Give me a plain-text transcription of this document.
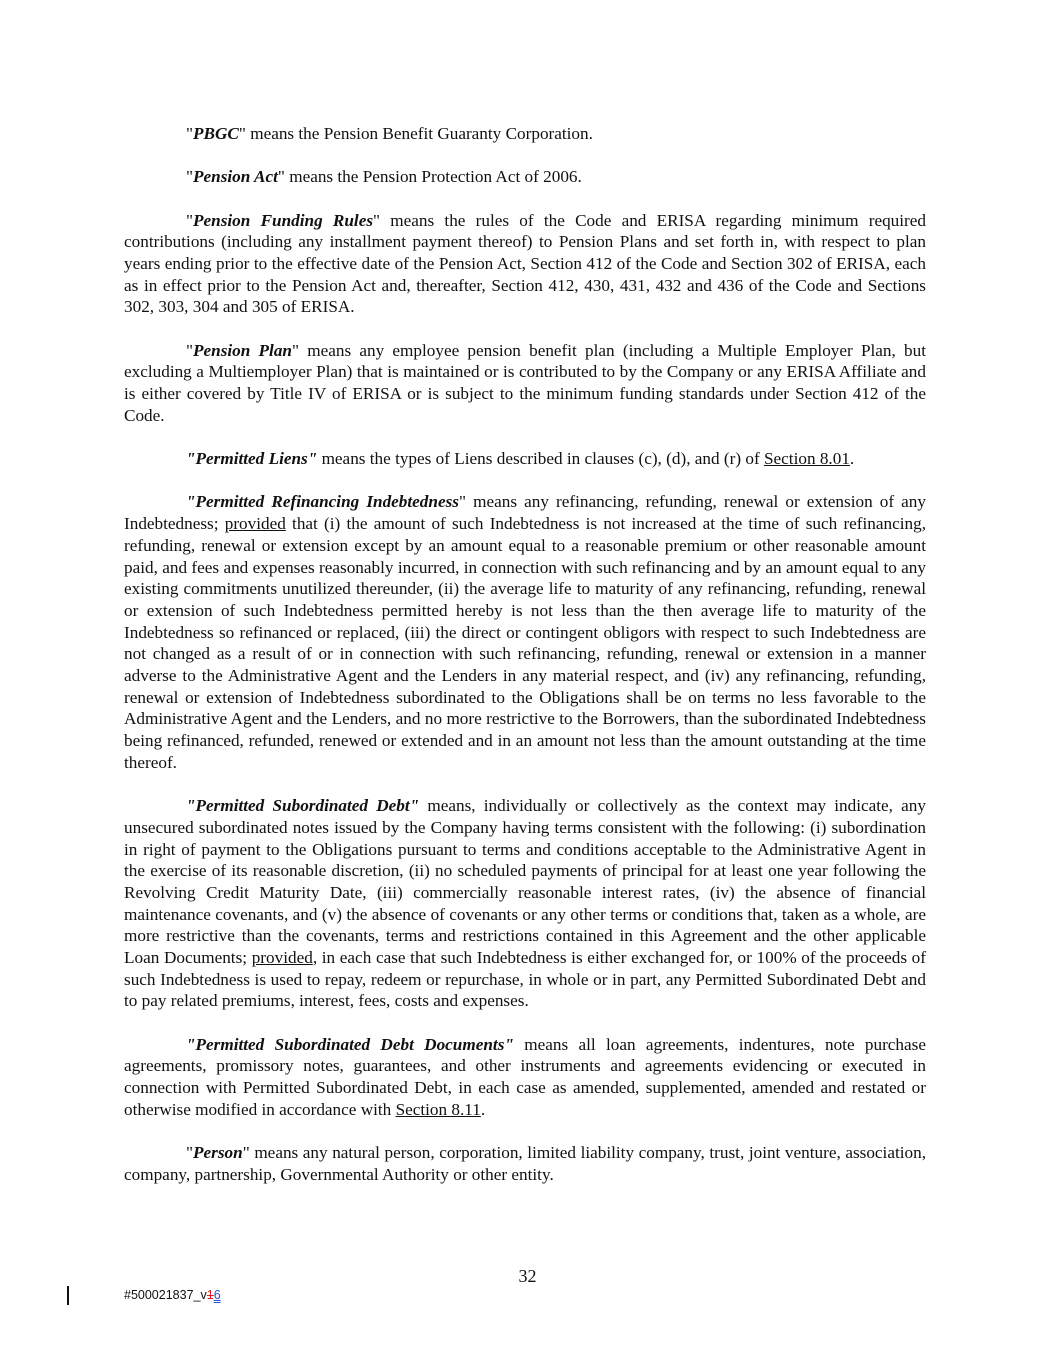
"PBGC" means the Pension Benefit Guaranty Corporation.

"Pension Act" means the Pension Protection Act of 2006.

"Pension Funding Rules" means the rules of the Code and ERISA regarding minimum required contributions (including any installment payment thereof) to Pension Plans and set forth in, with respect to plan years ending prior to the effective date of the Pension Act, Section 412 of the Code and Section 302 of ERISA, each as in effect prior to the Pension Act and, thereafter, Section 412, 430, 431, 432 and 436 of the Code and Sections 302, 303, 304 and 305 of ERISA.

"Pension Plan" means any employee pension benefit plan (including a Multiple Employer Plan, but excluding a Multiemployer Plan) that is maintained or is contributed to by the Company or any ERISA Affiliate and is either covered by Title IV of ERISA or is subject to the minimum funding standards under Section 412 of the Code.

"Permitted Liens" means the types of Liens described in clauses (c), (d), and (r) of Section 8.01.

"Permitted Refinancing Indebtedness" means any refinancing, refunding, renewal or extension of any Indebtedness; provided that (i) the amount of such Indebtedness is not increased at the time of such refinancing, refunding, renewal or extension except by an amount equal to a reasonable premium or other reasonable amount paid, and fees and expenses reasonably incurred, in connection with such refinancing and by an amount equal to any existing commitments unutilized thereunder, (ii) the average life to maturity of any refinancing, refunding, renewal or extension of such Indebtedness permitted hereby is not less than the then average life to maturity of the Indebtedness so refinanced or replaced, (iii) the direct or contingent obligors with respect to such Indebtedness are not changed as a result of or in connection with such refinancing, refunding, renewal or extension in a manner adverse to the Administrative Agent and the Lenders in any material respect, and (iv) any refinancing, refunding, renewal or extension of Indebtedness subordinated to the Obligations shall be on terms no less favorable to the Administrative Agent and the Lenders, and no more restrictive to the Borrowers, than the subordinated Indebtedness being refinanced, refunded, renewed or extended and in an amount not less than the amount outstanding at the time thereof.

"Permitted Subordinated Debt" means, individually or collectively as the context may indicate, any unsecured subordinated notes issued by the Company having terms consistent with the following: (i) subordination in right of payment to the Obligations pursuant to terms and conditions acceptable to the Administrative Agent in the exercise of its reasonable discretion, (ii) no scheduled payments of principal for at least one year following the Revolving Credit Maturity Date, (iii) commercially reasonable interest rates, (iv) the absence of financial maintenance covenants, and (v) the absence of covenants or any other terms or conditions that, taken as a whole, are more restrictive than the covenants, terms and restrictions contained in this Agreement and the other applicable Loan Documents; provided, in each case that such Indebtedness is either exchanged for, or 100% of the proceeds of such Indebtedness is used to repay, redeem or repurchase, in whole or in part, any Permitted Subordinated Debt and to pay related premiums, interest, fees, costs and expenses.

"Permitted Subordinated Debt Documents" means all loan agreements, indentures, note purchase agreements, promissory notes, guarantees, and other instruments and agreements evidencing or executed in connection with Permitted Subordinated Debt, in each case as amended, supplemented, amended and restated or otherwise modified in accordance with Section 8.11.

"Person" means any natural person, corporation, limited liability company, trust, joint venture, association, company, partnership, Governmental Authority or other entity.

32
#500021837_v16
